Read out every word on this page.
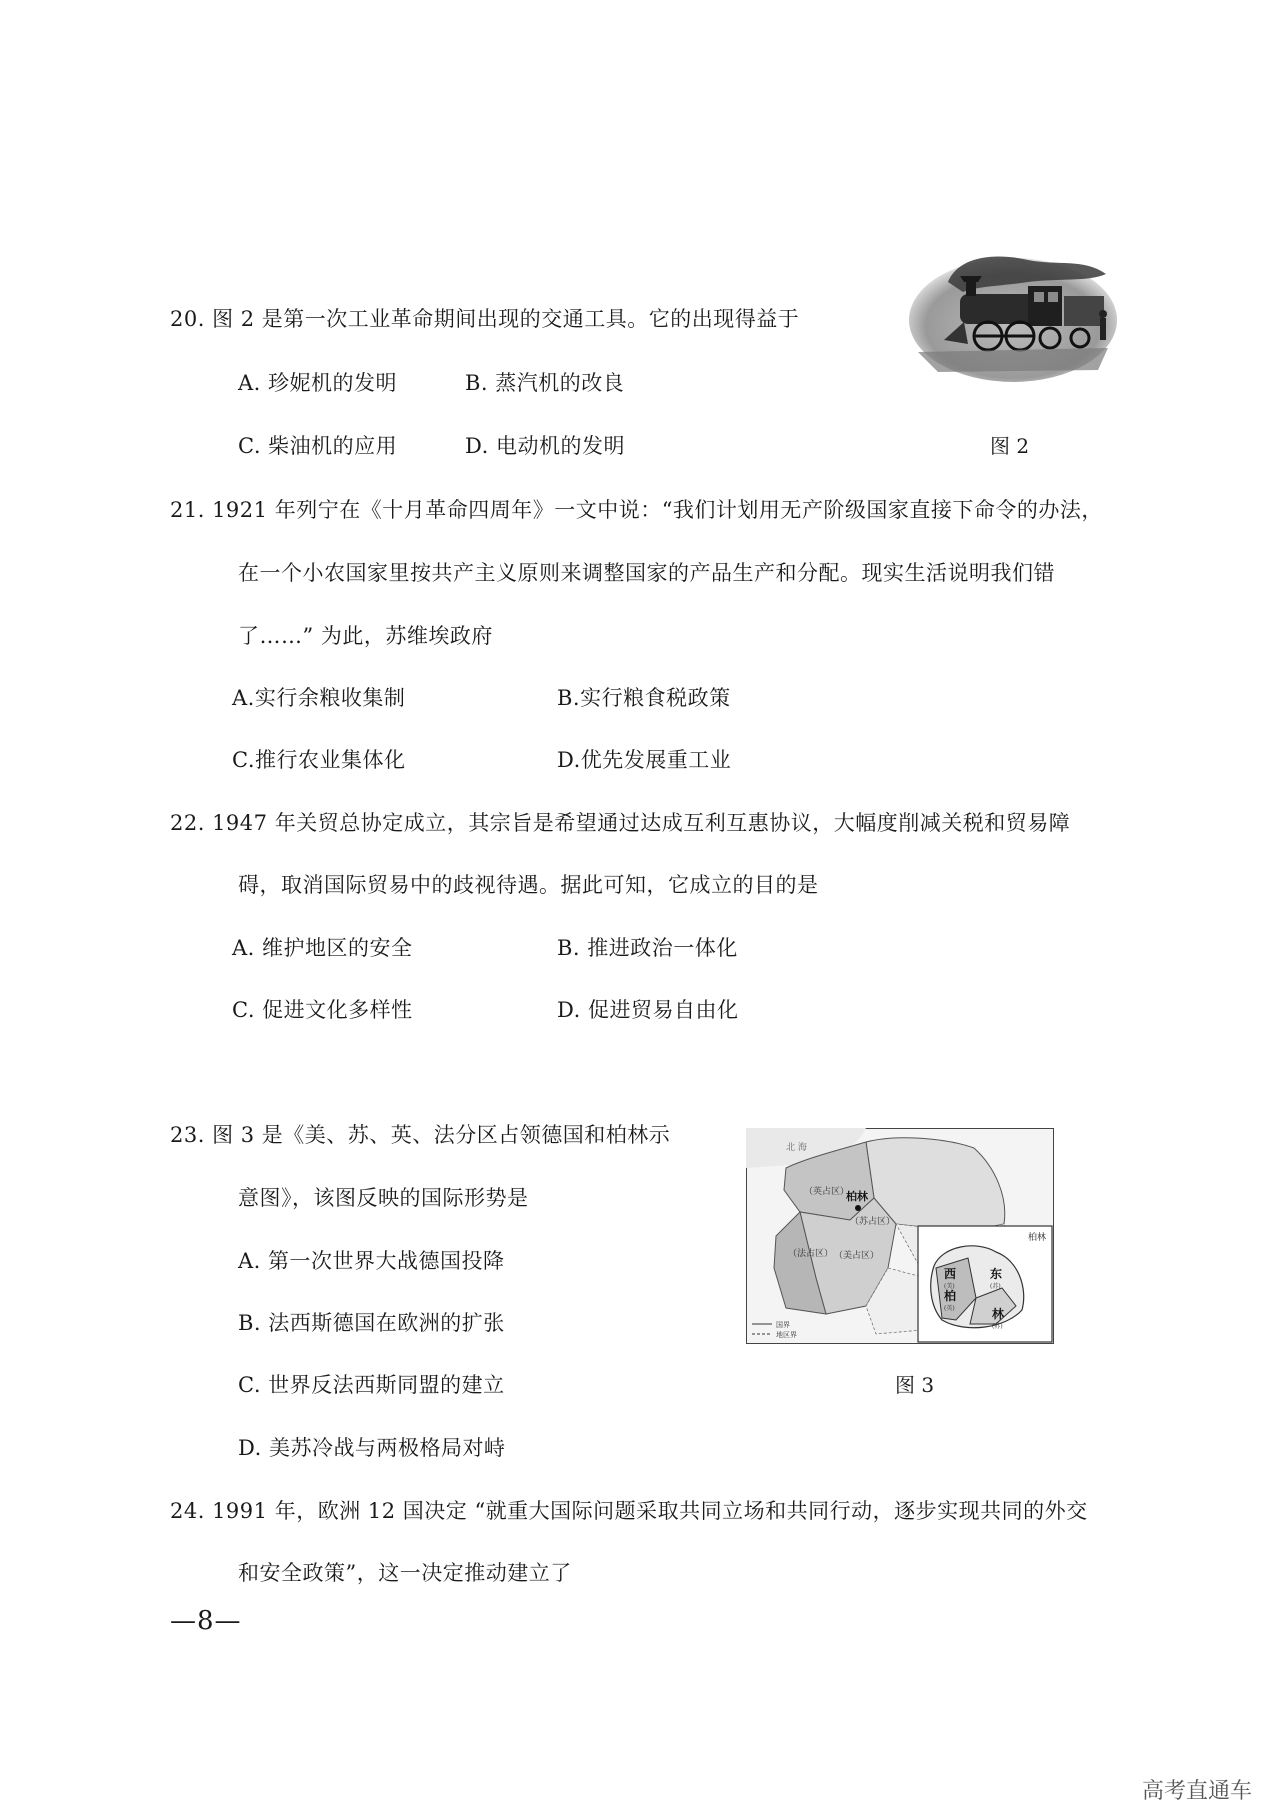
20. 图 2 是第一次工业革命期间出现的交通工具。它的出现得益于
A. 珍妮机的发明	B. 蒸汽机的改良
C. 柴油机的应用	D. 电动机的发明	图 2
21. 1921 年列宁在《十月革命四周年》一文中说：“我们计划用无产阶级国家直接下命令的办法，
在一个小农国家里按共产主义原则来调整国家的产品生产和分配。现实生活说明我们错
了……” 为此，苏维埃政府
A.实行余粮收集制	B.实行粮食税政策
C.推行农业集体化	D.优先发展重工业
22. 1947 年关贸总协定成立，其宗旨是希望通过达成互利互惠协议，大幅度削减关税和贸易障
碍，取消国际贸易中的歧视待遇。据此可知，它成立的目的是
A. 维护地区的安全	B. 推进政治一体化
C. 促进文化多样性	D. 促进贸易自由化
23. 图 3 是《美、苏、英、法分区占领德国和柏林示
意图》，该图反映的国际形势是
A. 第一次世界大战德国投降
B. 法西斯德国在欧洲的扩张
C. 世界反法西斯同盟的建立
D. 美苏冷战与两极格局对峙
北 海
（英占区）
（法占区） （美占区）
柏林
（苏占区）
柏林
西	东
柏
林
(美)	(苏)
(英)
(苏)
国界
地区界
图 3
24. 1991 年，欧洲 12 国决定 “就重大国际问题采取共同立场和共同行动，逐步实现共同的外交
和安全政策”，这一决定推动建立了
—8—
高考直通车
